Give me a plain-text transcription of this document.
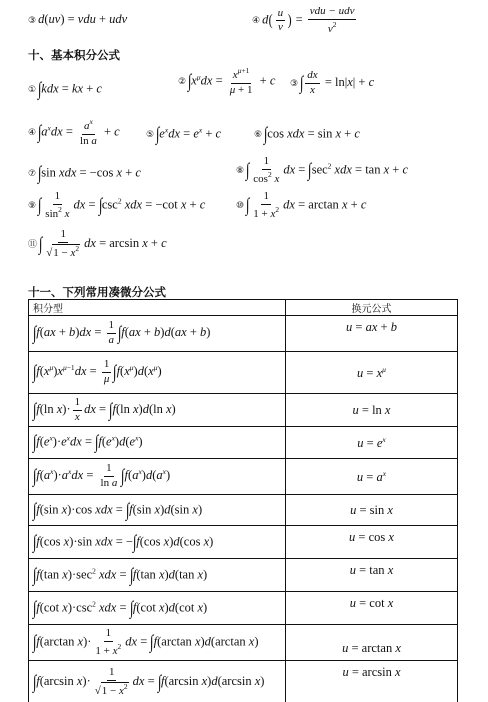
③ d(uv) = vdu + udv	④ $d( \frac{u}{v}$ ) = $\frac{\text{vdu − udv}}{v^2}$
十、基本积分公式
①∫kdx = kx + c	$②\int x^\mu dx = \frac{x^{\mu+1}}{\mu + 1} + c$ ③∫ $\frac{dx}{x} = \ln|x| + c$
$④\int a^xdx = \frac{a^x}{\text{ln a}} + c$	$⑤\int e^xdx = e^x + c$	⑥∫cos xdx = sin x + c
⑦∫sin xdx = −cos x + c	⑧∫ $\frac{1}{\cos^2 x}$ dx = $\int\sec^2$ xdx = tan x + c
⑨∫ $\frac{1}{\sin^2 x}$ dx = $\int\csc^2$ xdx = −cot x + c	⑩∫ $\frac{1}{1 + x^2}$ dx = arctan x + c
⑪∫ $\frac{1}{√1 - x^2}$ dx = arcsin x + c
十一、下列常用凑微分公式
积分型	换元公式
$\int f(ax + b)dx = \frac{1}{a} \int f(ax + b)d(ax + b)$	u = ax + b
$\int f(x^\mu)x^{\mu-1}dx = \frac{1}{\mu} \int f(x^\mu)d(x^\mu)$	$u = x^\mu$
∫f(ln $x)\cdot \frac{1}{x}$ dx = ∫f(ln x)d(ln x)	u = ln x
$\int f(e^x)\cdot e^xdx = \int f(e^x)d(e^x)$	$u = e^x$
$\int f(a^x)\cdot a^xdx = \frac{1}{\text{ln a}} \int f(a^x)d(a^x)$	$u = a^x$
∫f(sin x)·cos xdx = ∫f(sin x)d(sin x)	u = sin x
∫f(cos x)·sin xdx = −∫f(cos x)d(cos x)	u = cos x
∫f(tan $x)\cdot\sec^2$ xdx = ∫f(tan x)d(tan x)	u = tan x
∫f(cot $x)\cdot\csc^2$ xdx = ∫f(cot x)d(cot x)	u = cot x
∫f(arctan $x)\cdot \frac{1}{1 + x^2}$ dx = ∫f(arctan x)d(arctan x)	u = arctan x
∫f(arcsin $x)\cdot \frac{1}{√1 - x^2}$ dx = ∫f(arcsin x)d(arcsin x)	u = arcsin x
